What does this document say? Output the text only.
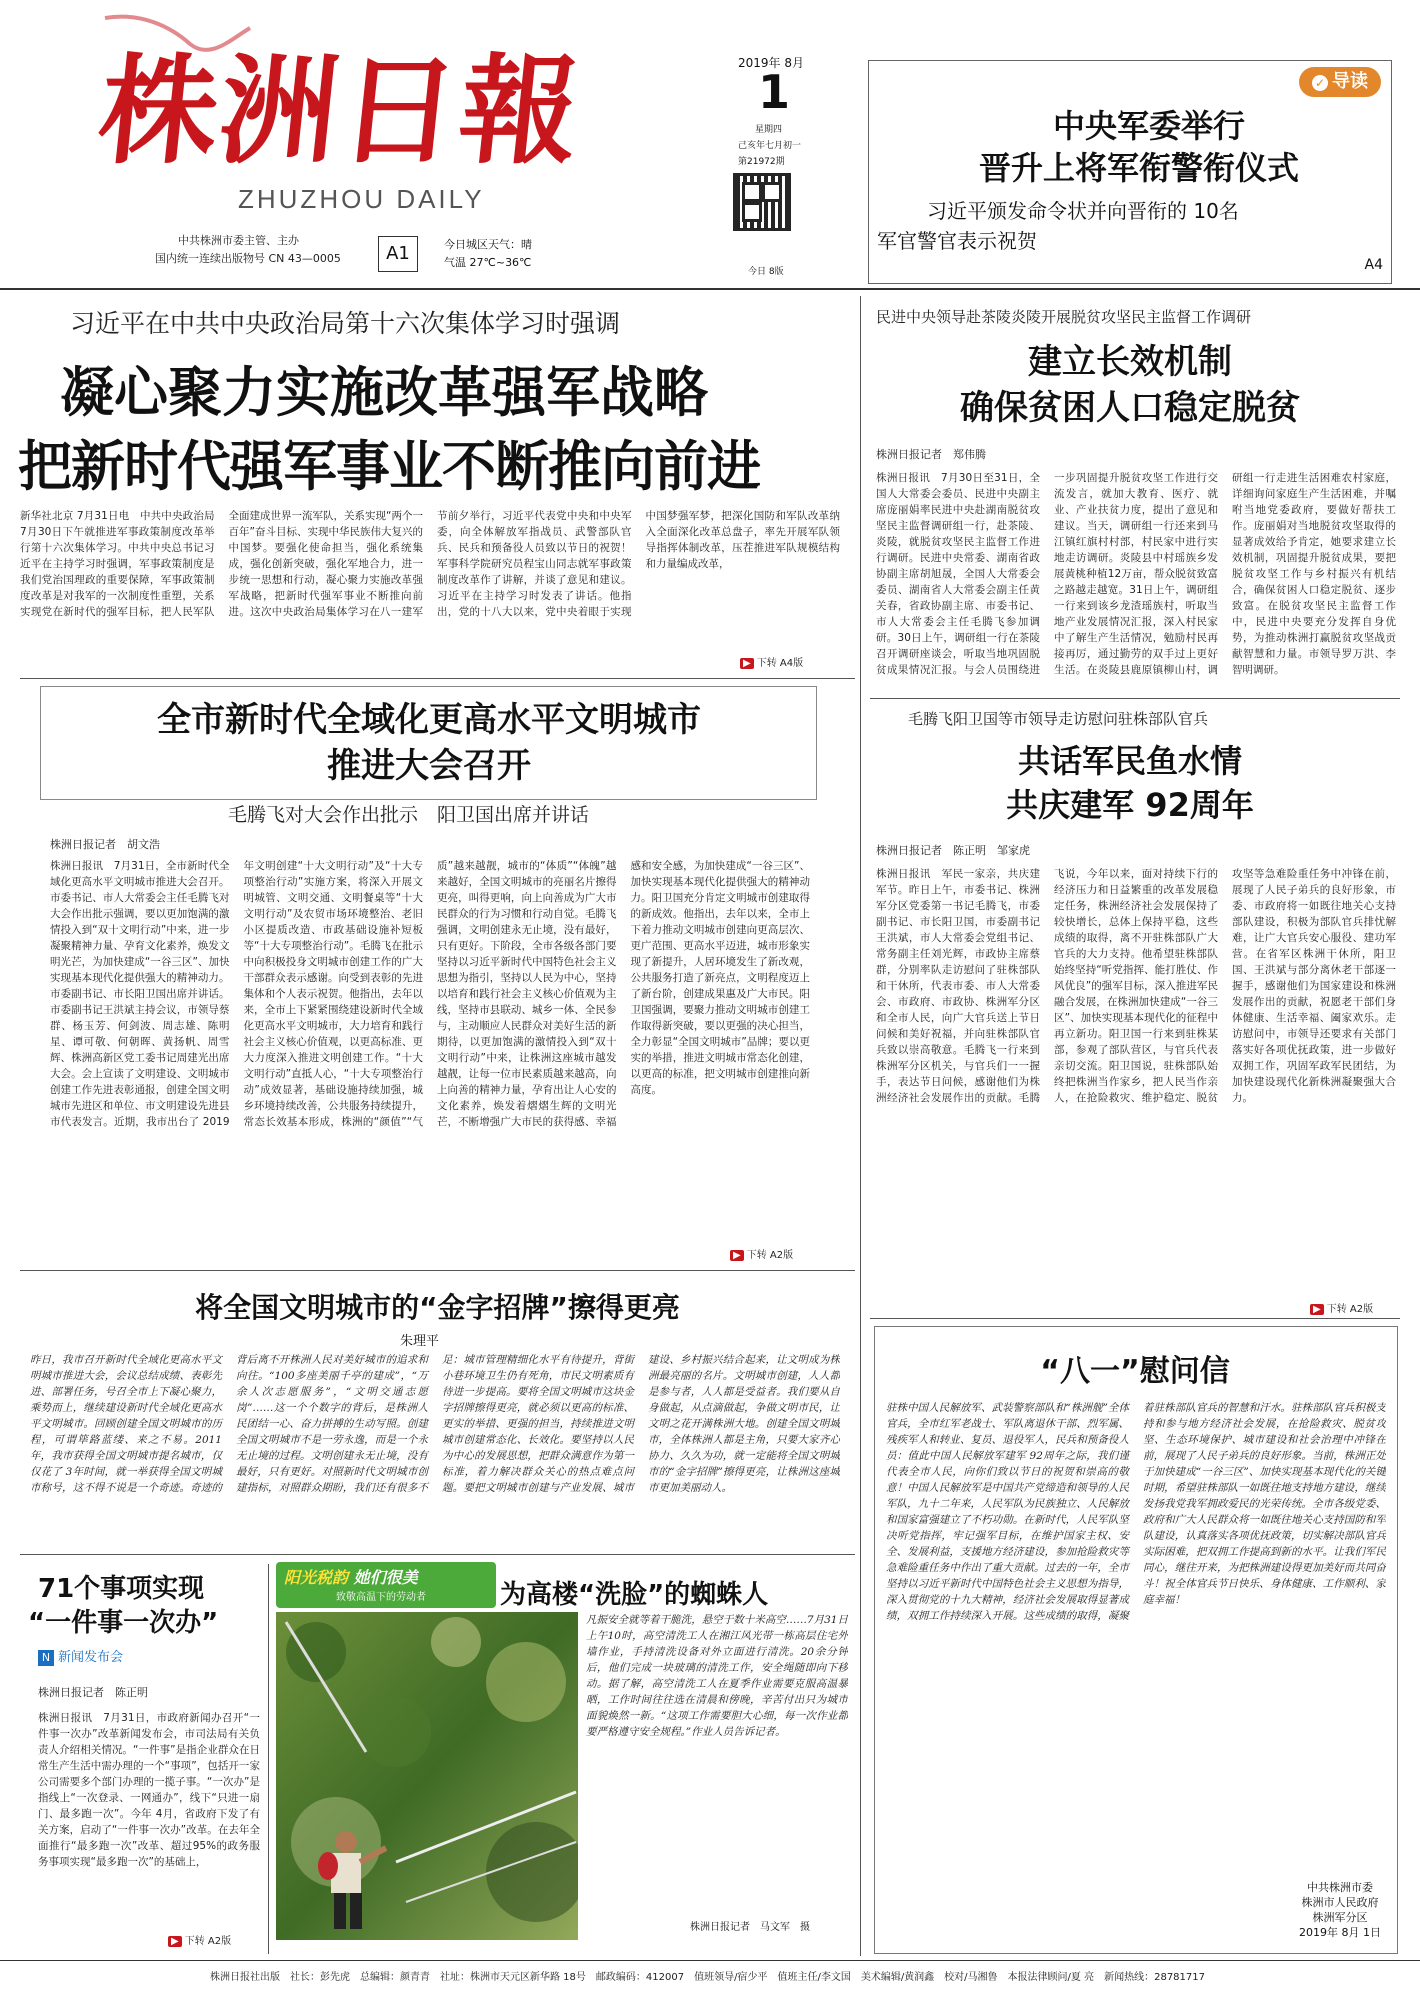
株洲日報
ZHUZHOU DAILY
中共株洲市委主管、主办
国内统一连续出版物号 CN 43—0005	A1	今日城区天气：晴
气温 27℃~36℃
2019年 8月
1
星期四
己亥年七月初一
第21972期
今日 8版
✓ 导读
中央军委举行
晋升上将军衔警衔仪式
习近平颁发命令状并向晋衔的 10名
军官警官表示祝贺
A4
习近平在中共中央政治局第十六次集体学习时强调
凝心聚力实施改革强军战略
把新时代强军事业不断推向前进
新华社北京 7月31日电　中共中央政治局 7月30日下午就推进军事政策制度改革举行第十六次集体学习。中共中央总书记习近平在主持学习时强调，军事政策制度是我们党治国理政的重要保障，军事政策制度改革是对我军的一次制度性重塑，关系实现党在新时代的强军目标，把人民军队全面建成世界一流军队，关系实现“两个一百年”奋斗目标、实现中华民族伟大复兴的中国梦。要强化使命担当，强化系统集成，强化创新突破，强化军地合力，进一步统一思想和行动，凝心聚力实施改革强军战略，把新时代强军事业不断推向前进。这次中央政治局集体学习在八一建军节前夕举行，习近平代表党中央和中央军委，向全体解放军指战员、武警部队官兵、民兵和预备役人员致以节日的祝贺！军事科学院研究员程宝山同志就军事政策制度改革作了讲解，并谈了意见和建议。习近平在主持学习时发表了讲话。他指出，党的十八大以来，党中央着眼于实现中国梦强军梦，把深化国防和军队改革纳入全面深化改革总盘子，率先开展军队领导指挥体制改革，压茬推进军队规模结构和力量编成改革，
▶ 下转 A4版
全市新时代全域化更高水平文明城市
推进大会召开
毛腾飞对大会作出批示　阳卫国出席并讲话
株洲日报记者　胡文浩
株洲日报讯　7月31日，全市新时代全域化更高水平文明城市推进大会召开。市委书记、市人大常委会主任毛腾飞对大会作出批示强调，要以更加饱满的激情投入到“双十文明行动”中来，进一步凝聚精神力量、孕育文化素养，焕发文明光芒，为加快建成“一谷三区”、加快实现基本现代化提供强大的精神动力。市委副书记、市长阳卫国出席并讲话。市委副书记王洪斌主持会议，市领导蔡群、杨玉芳、何剑波、周志雄、陈明星、谭可敬、何朝晖、黄扬帆、周雪辉、株洲高新区党工委书记周建光出席大会。会上宣读了文明建设、文明城市创建工作先进表彰通报，创建全国文明城市先进区和单位、市文明建设先进县市代表发言。近期，我市出台了 2019年文明创建“十大文明行动”及“十大专项整治行动”实施方案，将深入开展文明城管、文明交通、文明餐桌等“十大文明行动”及农贸市场环境整治、老旧小区提质改造、市政基础设施补短板等“十大专项整治行动”。毛腾飞在批示中向积极投身文明城市创建工作的广大干部群众表示感谢。向受到表彰的先进集体和个人表示祝贺。他指出，去年以来，全市上下紧紧围绕建设新时代全域化更高水平文明城市，大力培育和践行社会主义核心价值观，以更高标准、更大力度深入推进文明创建工作。“十大文明行动”直抵人心，“十大专项整治行动”成效显著，基础设施持续加强，城乡环境持续改善，公共服务持续提升，常态长效基本形成，株洲的“颜值”“气质”越来越靓，城市的“体质”“体魄”越来越好，全国文明城市的亮丽名片擦得更亮，叫得更响，向上向善成为广大市民群众的行为习惯和行动自觉。毛腾飞强调，文明创建永无止境，没有最好，只有更好。下阶段，全市各级各部门要坚持以习近平新时代中国特色社会主义思想为指引，坚持以人民为中心，坚持以培育和践行社会主义核心价值观为主线，坚持市县联动、城乡一体、全民参与，主动顺应人民群众对美好生活的新期待，以更加饱满的激情投入到“双十文明行动”中来，让株洲这座城市越发越靓，让每一位市民素质越来越高，向上向善的精神力量，孕育出让人心安的文化素养，焕发着熠熠生辉的文明光芒，不断增强广大市民的获得感、幸福感和安全感，为加快建成“一谷三区”、加快实现基本现代化提供强大的精神动力。阳卫国充分肯定文明城市创建取得的新成效。他指出，去年以来，全市上下着力推动文明城市创建向更高层次、更广范围、更高水平迈进，城市形象实现了新提升，人居环境发生了新改观，公共服务打造了新亮点，文明程度迈上了新台阶，创建成果惠及广大市民。阳卫国强调，要聚力推动文明城市创建工作取得新突破，要以更强的决心担当，全力彰显“全国文明城市”品牌；要以更实的举措，推进文明城市常态化创建，以更高的标准，把文明城市创建推向新高度。
▶ 下转 A2版
将全国文明城市的“金字招牌”擦得更亮
朱理平
昨日，我市召开新时代全域化更高水平文明城市推进大会，会议总结成绩、表彰先进、部署任务，号召全市上下凝心聚力，乘势而上，继续建设新时代全域化更高水平文明城市。回顾创建全国文明城市的历程，可谓筚路蓝缕、来之不易。2011年，我市获得全国文明城市提名城市，仅仅花了 3年时间，就一举获得全国文明城市称号，这不得不说是一个奇迹。奇迹的背后离不开株洲人民对美好城市的追求和向往。“100多座美丽千亭的建成”，“万余人次志愿服务”，“文明交通志愿岗”……这一个个数字的背后，是株洲人民团结一心、奋力拼搏的生动写照。创建全国文明城市不是一劳永逸，而是一个永无止境的过程。文明创建永无止境，没有最好，只有更好。对照新时代文明城市创建指标，对照群众期盼，我们还有很多不足：城市管理精细化水平有待提升，背街小巷环境卫生仍有死角，市民文明素质有待进一步提高。要将全国文明城市这块金字招牌擦得更亮，就必须以更高的标准、更实的举措、更强的担当，持续推进文明城市创建常态化、长效化。要坚持以人民为中心的发展思想，把群众满意作为第一标准，着力解决群众关心的热点难点问题。要把文明城市创建与产业发展、城市建设、乡村振兴结合起来，让文明成为株洲最亮丽的名片。文明城市创建，人人都是参与者，人人都是受益者。我们要从自身做起，从点滴做起，争做文明市民，让文明之花开满株洲大地。创建全国文明城市，全体株洲人都是主角，只要大家齐心协力、久久为功，就一定能将全国文明城市的“金字招牌”擦得更亮，让株洲这座城市更加美丽动人。
71个事项实现
“一件事一次办”
N 新闻发布会
株洲日报记者　陈正明
株洲日报讯　7月31日，市政府新闻办召开“一件事一次办”改革新闻发布会，市司法局有关负责人介绍相关情况。“一件事”是指企业群众在日常生产生活中需办理的一个“事项”，包括开一家公司需要多个部门办理的一揽子事。“一次办”是指线上“一次登录、一网通办”，线下“只进一扇门、最多跑一次”。今年 4月，省政府下发了有关方案，启动了“一件事一次办”改革。在去年全面推行“最多跑一次”改革、超过95%的政务服务事项实现“最多跑一次”的基础上，
▶ 下转 A2版
阳光税韵 她们很美
致敬高温下的劳动者	为高楼“洗脸”的蜘蛛人
凡振安全就等着干脆洗，悬空于数十米高空……7月31日上午10时，高空清洗工人在湘江风光带一栋高层住宅外墙作业，手持清洗设备对外立面进行清洗。20余分钟后，他们完成一块玻璃的清洗工作，安全绳随即向下移动。据了解，高空清洗工人在夏季作业需要克服高温暴晒，工作时间往往选在清晨和傍晚，辛苦付出只为城市面貌焕然一新。“这项工作需要胆大心细，每一次作业都要严格遵守安全规程。”作业人员告诉记者。
株洲日报记者　马文军　摄
民进中央领导赴茶陵炎陵开展脱贫攻坚民主监督工作调研
建立长效机制
确保贫困人口稳定脱贫
株洲日报记者　郑伟腾
株洲日报讯　7月30日至31日，全国人大常委会委员、民进中央副主席庞丽娟率民进中央赴湖南脱贫攻坚民主监督调研组一行，赴茶陵、炎陵，就脱贫攻坚民主监督工作进行调研。民进中央常委、湖南省政协副主席胡旭晟，全国人大常委会委员、湖南省人大常委会副主任黄关春，省政协副主席、市委书记、市人大常委会主任毛腾飞参加调研。30日上午，调研组一行在茶陵召开调研座谈会，听取当地巩固脱贫成果情况汇报。与会人员围绕进一步巩固提升脱贫攻坚工作进行交流发言，就加大教育、医疗、就业、产业扶贫力度，提出了意见和建议。当天，调研组一行还来到马江镇红旗村村部，村民家中进行实地走访调研。炎陵县中村瑶族乡发展黄桃种植12万亩，帮众脱贫致富之路越走越宽。31日上午，调研组一行来到该乡龙渣瑶族村，听取当地产业发展情况汇报，深入村民家中了解生产生活情况，勉励村民再接再厉，通过勤劳的双手过上更好生活。在炎陵县鹿原镇柳山村，调研组一行走进生活困难农村家庭，详细询问家庭生产生活困难，并嘱咐当地党委政府，要做好帮扶工作。庞丽娟对当地脱贫攻坚取得的显著成效给予肯定，她要求建立长效机制，巩固提升脱贫成果，要把脱贫攻坚工作与乡村振兴有机结合，确保贫困人口稳定脱贫、逐步致富。在脱贫攻坚民主监督工作中，民进中央要充分发挥自身优势，为推动株洲打赢脱贫攻坚战贡献智慧和力量。市领导罗万洪、李智明调研。
毛腾飞阳卫国等市领导走访慰问驻株部队官兵
共话军民鱼水情
共庆建军 92周年
株洲日报记者　陈正明　邹家虎
株洲日报讯　军民一家亲，共庆建军节。昨日上午，市委书记、株洲军分区党委第一书记毛腾飞，市委副书记、市长阳卫国，市委副书记王洪斌，市人大常委会党组书记、常务副主任刘光辉，市政协主席蔡群，分别率队走访慰问了驻株部队和干休所，代表市委、市人大常委会、市政府、市政协、株洲军分区和全市人民，向广大官兵送上节日问候和美好祝福，并向驻株部队官兵致以崇高敬意。毛腾飞一行来到株洲军分区机关，与官兵们一一握手，表达节日问候，感谢他们为株洲经济社会发展作出的贡献。毛腾飞说，今年以来，面对持续下行的经济压力和日益繁重的改革发展稳定任务，株洲经济社会发展保持了较快增长，总体上保持平稳，这些成绩的取得，离不开驻株部队广大官兵的大力支持。他希望驻株部队始终坚持“听党指挥、能打胜仗、作风优良”的强军目标，深入推进军民融合发展，在株洲加快建成“一谷三区”、加快实现基本现代化的征程中再立新功。阳卫国一行来到驻株某部，参观了部队营区，与官兵代表亲切交流。阳卫国说，驻株部队始终把株洲当作家乡，把人民当作亲人，在抢险救灾、维护稳定、脱贫攻坚等急难险重任务中冲锋在前，展现了人民子弟兵的良好形象，市委、市政府将一如既往地关心支持部队建设，积极为部队官兵排忧解难，让广大官兵安心服役、建功军营。在省军区株洲干休所，阳卫国、王洪斌与部分离休老干部逐一握手，感谢他们为国家建设和株洲发展作出的贡献，祝愿老干部们身体健康、生活幸福、阖家欢乐。走访慰问中，市领导还要求有关部门落实好各项优抚政策，进一步做好双拥工作，巩固军政军民团结，为加快建设现代化新株洲凝聚强大合力。
▶ 下转 A2版
“八一”慰问信
驻株中国人民解放军、武装警察部队和“株洲舰”全体官兵，全市红军老战士、军队离退休干部、烈军属、残疾军人和转业、复员、退役军人，民兵和预备役人员：值此中国人民解放军建军 92周年之际，我们谨代表全市人民，向你们致以节日的祝贺和崇高的敬意！中国人民解放军是中国共产党缔造和领导的人民军队，九十二年来，人民军队为民族独立、人民解放和国家富强建立了不朽功勋。在新时代，人民军队坚决听党指挥，牢记强军目标，在维护国家主权、安全、发展利益，支援地方经济建设，参加抢险救灾等急难险重任务中作出了重大贡献。过去的一年，全市坚持以习近平新时代中国特色社会主义思想为指导，深入贯彻党的十九大精神，经济社会发展取得显著成绩，双拥工作持续深入开展。这些成绩的取得，凝聚着驻株部队官兵的智慧和汗水。驻株部队官兵积极支持和参与地方经济社会发展，在抢险救灾、脱贫攻坚、生态环境保护、城市建设和社会治理中冲锋在前，展现了人民子弟兵的良好形象。当前，株洲正处于加快建成“一谷三区”、加快实现基本现代化的关键时期，希望驻株部队一如既往地支持地方建设，继续发扬我党我军拥政爱民的光荣传统。全市各级党委、政府和广大人民群众将一如既往地关心支持国防和军队建设，认真落实各项优抚政策，切实解决部队官兵实际困难，把双拥工作提高到新的水平。让我们军民同心，继往开来，为把株洲建设得更加美好而共同奋斗！祝全体官兵节日快乐、身体健康、工作顺利、家庭幸福！
中共株洲市委
株洲市人民政府
株洲军分区
2019年 8月 1日
株洲日报社出版　社长：彭先虎　总编辑：颜青青　社址：株洲市天元区新华路 18号　邮政编码：412007　值班领导/宿少平　值班主任/李文国　美术编辑/黄润鑫　校对/马湘鲁　本报法律顾问/夏 亮　新闻热线：28781717
